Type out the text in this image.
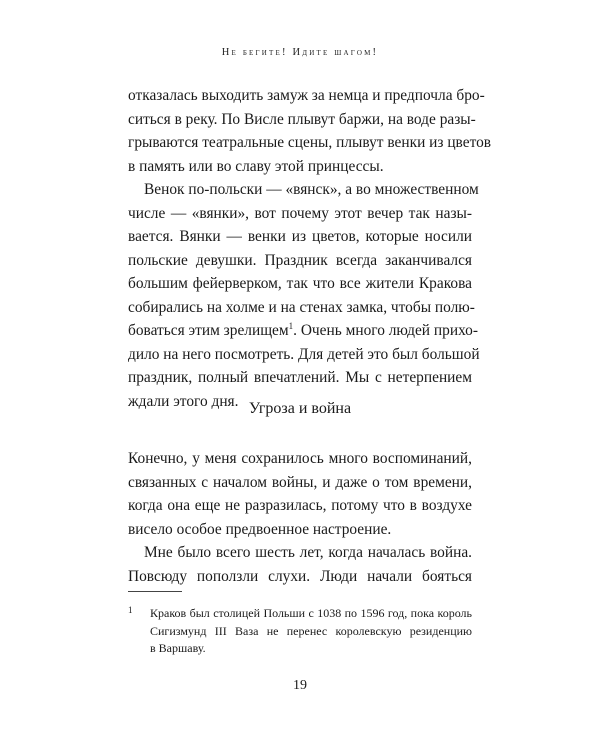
Не бегите! Идите шагом!
отказалась выходить замуж за немца и предпочла бро-
ситься в реку. По Висле плывут баржи, на воде разы-
грываются театральные сцены, плывут венки из цветов
в память или во славу этой принцессы.
Венок по-польски — «вянск», а во множественном
числе — «вянки», вот почему этот вечер так назы-
вается. Вянки — венки из цветов, которые носили
польские девушки. Праздник всегда заканчивался
большим фейерверком, так что все жители Кракова
собирались на холме и на стенах замка, чтобы полю-
боваться этим зрелищем$^1$. Очень много людей прихо-
дило на него посмотреть. Для детей это был большой
праздник, полный впечатлений. Мы с нетерпением
ждали этого дня. Угроза и война
Конечно, у меня сохранилось много воспоминаний,
связанных с началом войны, и даже о том времени,
когда она еще не разразилась, потому что в воздухе
висело особое предвоенное настроение.
Мне было всего шесть лет, когда началась война.
Повсюду поползли слухи. Люди начали бояться
1	Краков был столицей Польши с 1038 по 1596 год, пока король
Сигизмунд III Ваза не перенес королевскую резиденцию
в Варшаву.
19
